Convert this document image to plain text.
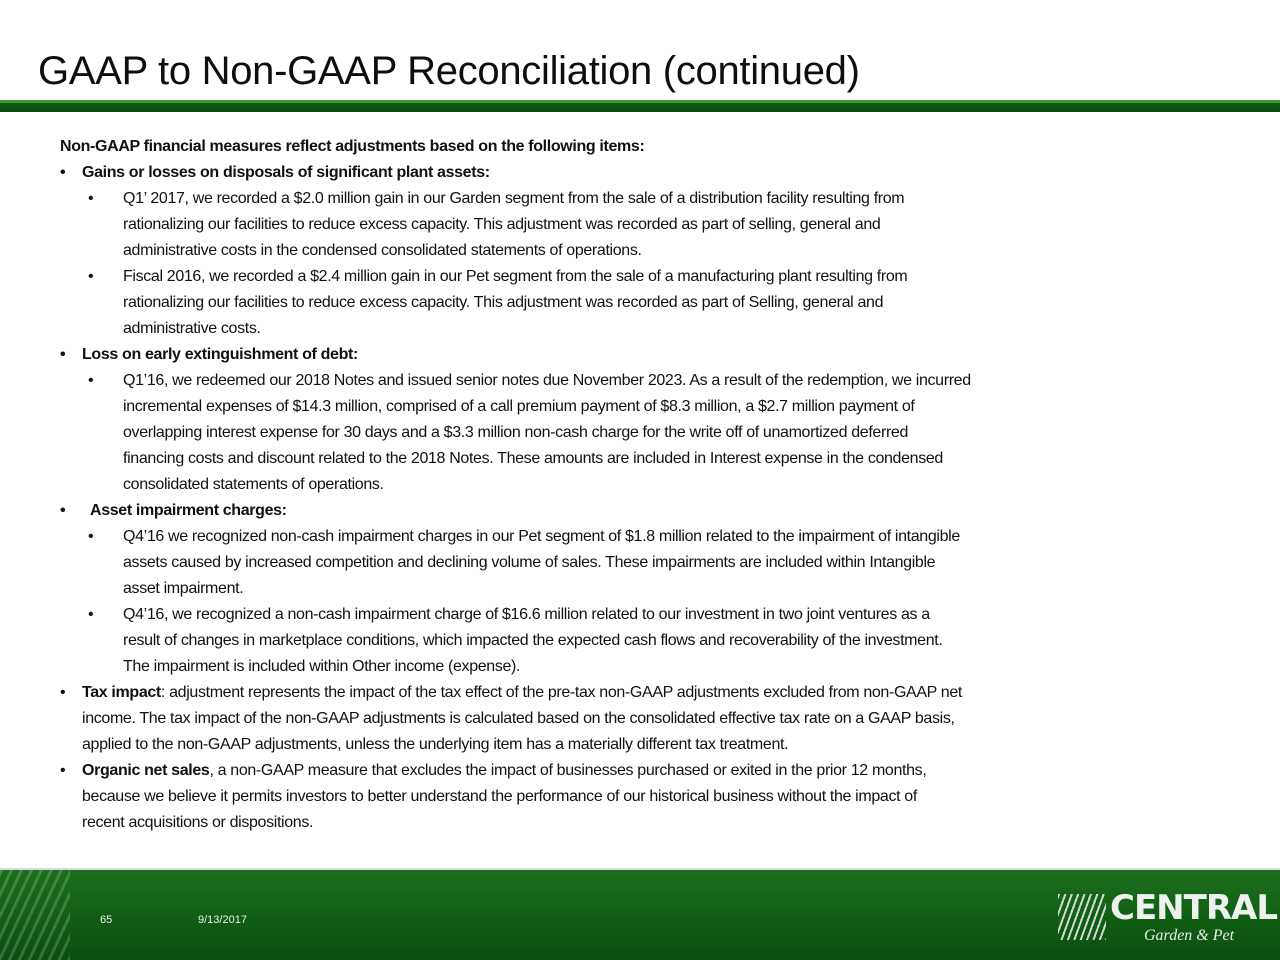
GAAP to Non-GAAP Reconciliation (continued)
Non-GAAP financial measures reflect adjustments based on the following items:
• Gains or losses on disposals of significant plant assets:
• Q1’ 2017, we recorded a $2.0 million gain in our Garden segment from the sale of a distribution facility resulting from
rationalizing our facilities to reduce excess capacity. This adjustment was recorded as part of selling, general and
administrative costs in the condensed consolidated statements of operations.
• Fiscal 2016, we recorded a $2.4 million gain in our Pet segment from the sale of a manufacturing plant resulting from
rationalizing our facilities to reduce excess capacity. This adjustment was recorded as part of Selling, general and
administrative costs.
• Loss on early extinguishment of debt:
• Q1’16, we redeemed our 2018 Notes and issued senior notes due November 2023. As a result of the redemption, we incurred
incremental expenses of $14.3 million, comprised of a call premium payment of $8.3 million, a $2.7 million payment of
overlapping interest expense for 30 days and a $3.3 million non-cash charge for the write off of unamortized deferred
financing costs and discount related to the 2018 Notes. These amounts are included in Interest expense in the condensed
consolidated statements of operations.
• Asset impairment charges:
• Q4’16 we recognized non-cash impairment charges in our Pet segment of $1.8 million related to the impairment of intangible
assets caused by increased competition and declining volume of sales. These impairments are included within Intangible
asset impairment.
• Q4’16, we recognized a non-cash impairment charge of $16.6 million related to our investment in two joint ventures as a
result of changes in marketplace conditions, which impacted the expected cash flows and recoverability of the investment.
The impairment is included within Other income (expense).
• Tax impact: adjustment represents the impact of the tax effect of the pre-tax non-GAAP adjustments excluded from non-GAAP net
income. The tax impact of the non-GAAP adjustments is calculated based on the consolidated effective tax rate on a GAAP basis,
applied to the non-GAAP adjustments, unless the underlying item has a materially different tax treatment.
• Organic net sales, a non-GAAP measure that excludes the impact of businesses purchased or exited in the prior 12 months,
because we believe it permits investors to better understand the performance of our historical business without the impact of
recent acquisitions or dispositions.
65	9/13/2017	CENTRAL
Garden & Pet
